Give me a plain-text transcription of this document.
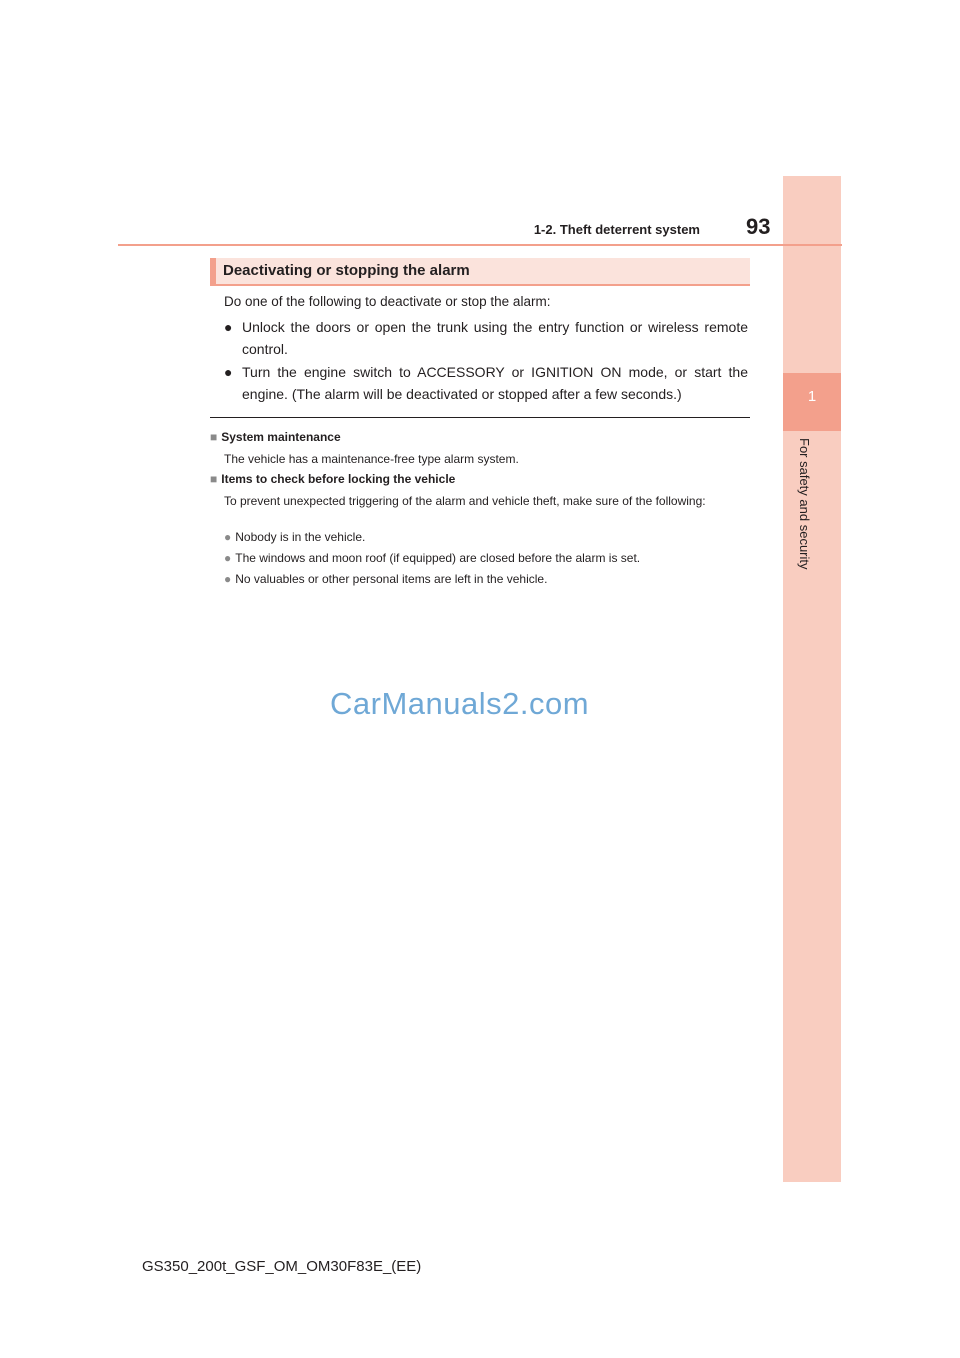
1
For safety and security
1-2. Theft deterrent system 93
Deactivating or stopping the alarm
Do one of the following to deactivate or stop the alarm:
● Unlock the doors or open the trunk using the entry function or wireless remote control.
● Turn the engine switch to ACCESSORY or IGNITION ON mode, or start the engine. (The alarm will be deactivated or stopped after a few seconds.)
■ System maintenance
The vehicle has a maintenance-free type alarm system.
■ Items to check before locking the vehicle
To prevent unexpected triggering of the alarm and vehicle theft, make sure of the following:
● Nobody is in the vehicle.
● The windows and moon roof (if equipped) are closed before the alarm is set.
● No valuables or other personal items are left in the vehicle.
CarManuals2.com
GS350_200t_GSF_OM_OM30F83E_(EE)
